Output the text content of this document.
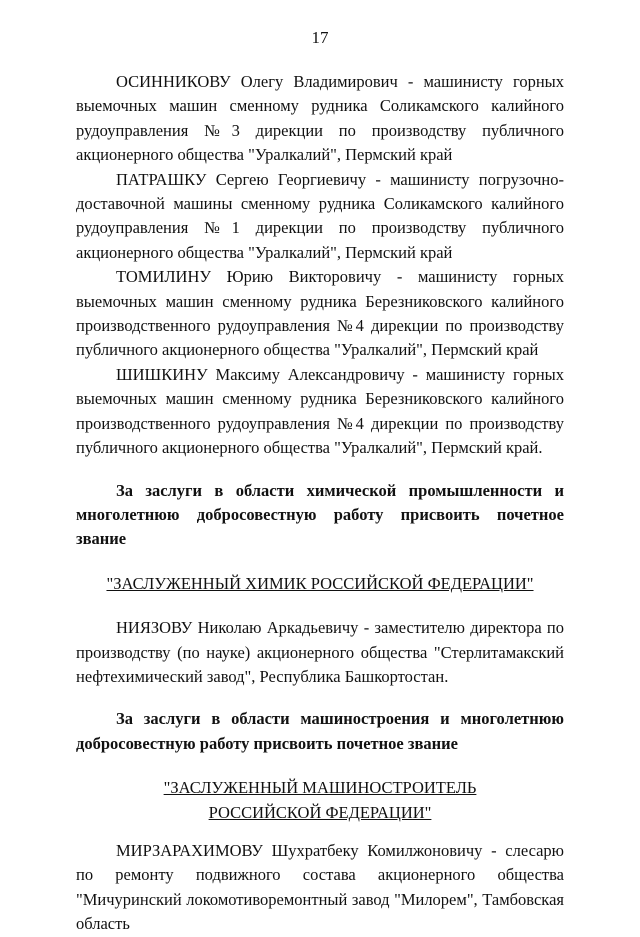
17

ОСИННИКОВУ Олегу Владимирович - машинисту горных выемочных машин сменному рудника Соликамского калийного рудоуправления №3 дирекции по производству публичного акционерного общества "Уралкалий", Пермский край

ПАТРАШКУ Сергею Георгиевичу - машинисту погрузочно-доставочной машины сменному рудника Соликамского калийного рудоуправления №1 дирекции по производству публичного акционерного общества "Уралкалий", Пермский край

ТОМИЛИНУ Юрию Викторовичу - машинисту горных выемочных машин сменному рудника Березниковского калийного производственного рудоуправления №4 дирекции по производству публичного акционерного общества "Уралкалий", Пермский край

ШИШКИНУ Максиму Александровичу - машинисту горных выемочных машин сменному рудника Березниковского калийного производственного рудоуправления №4 дирекции по производству публичного акционерного общества "Уралкалий", Пермский край.

За заслуги в области химической промышленности и многолетнюю добросовестную работу присвоить почетное звание

"ЗАСЛУЖЕННЫЙ ХИМИК РОССИЙСКОЙ ФЕДЕРАЦИИ"

НИЯЗОВУ Николаю Аркадьевичу - заместителю директора по производству (по науке) акционерного общества "Стерлитамакский нефтехимический завод", Республика Башкортостан.

За заслуги в области машиностроения и многолетнюю добросовестную работу присвоить почетное звание

"ЗАСЛУЖЕННЫЙ МАШИНОСТРОИТЕЛЬ
РОССИЙСКОЙ ФЕДЕРАЦИИ"

МИРЗАРАХИМОВУ Шухратбеку Комилжоновичу - слесарю по ремонту подвижного состава акционерного общества "Мичуринский локомотиворемонтный завод "Милорем", Тамбовская область
